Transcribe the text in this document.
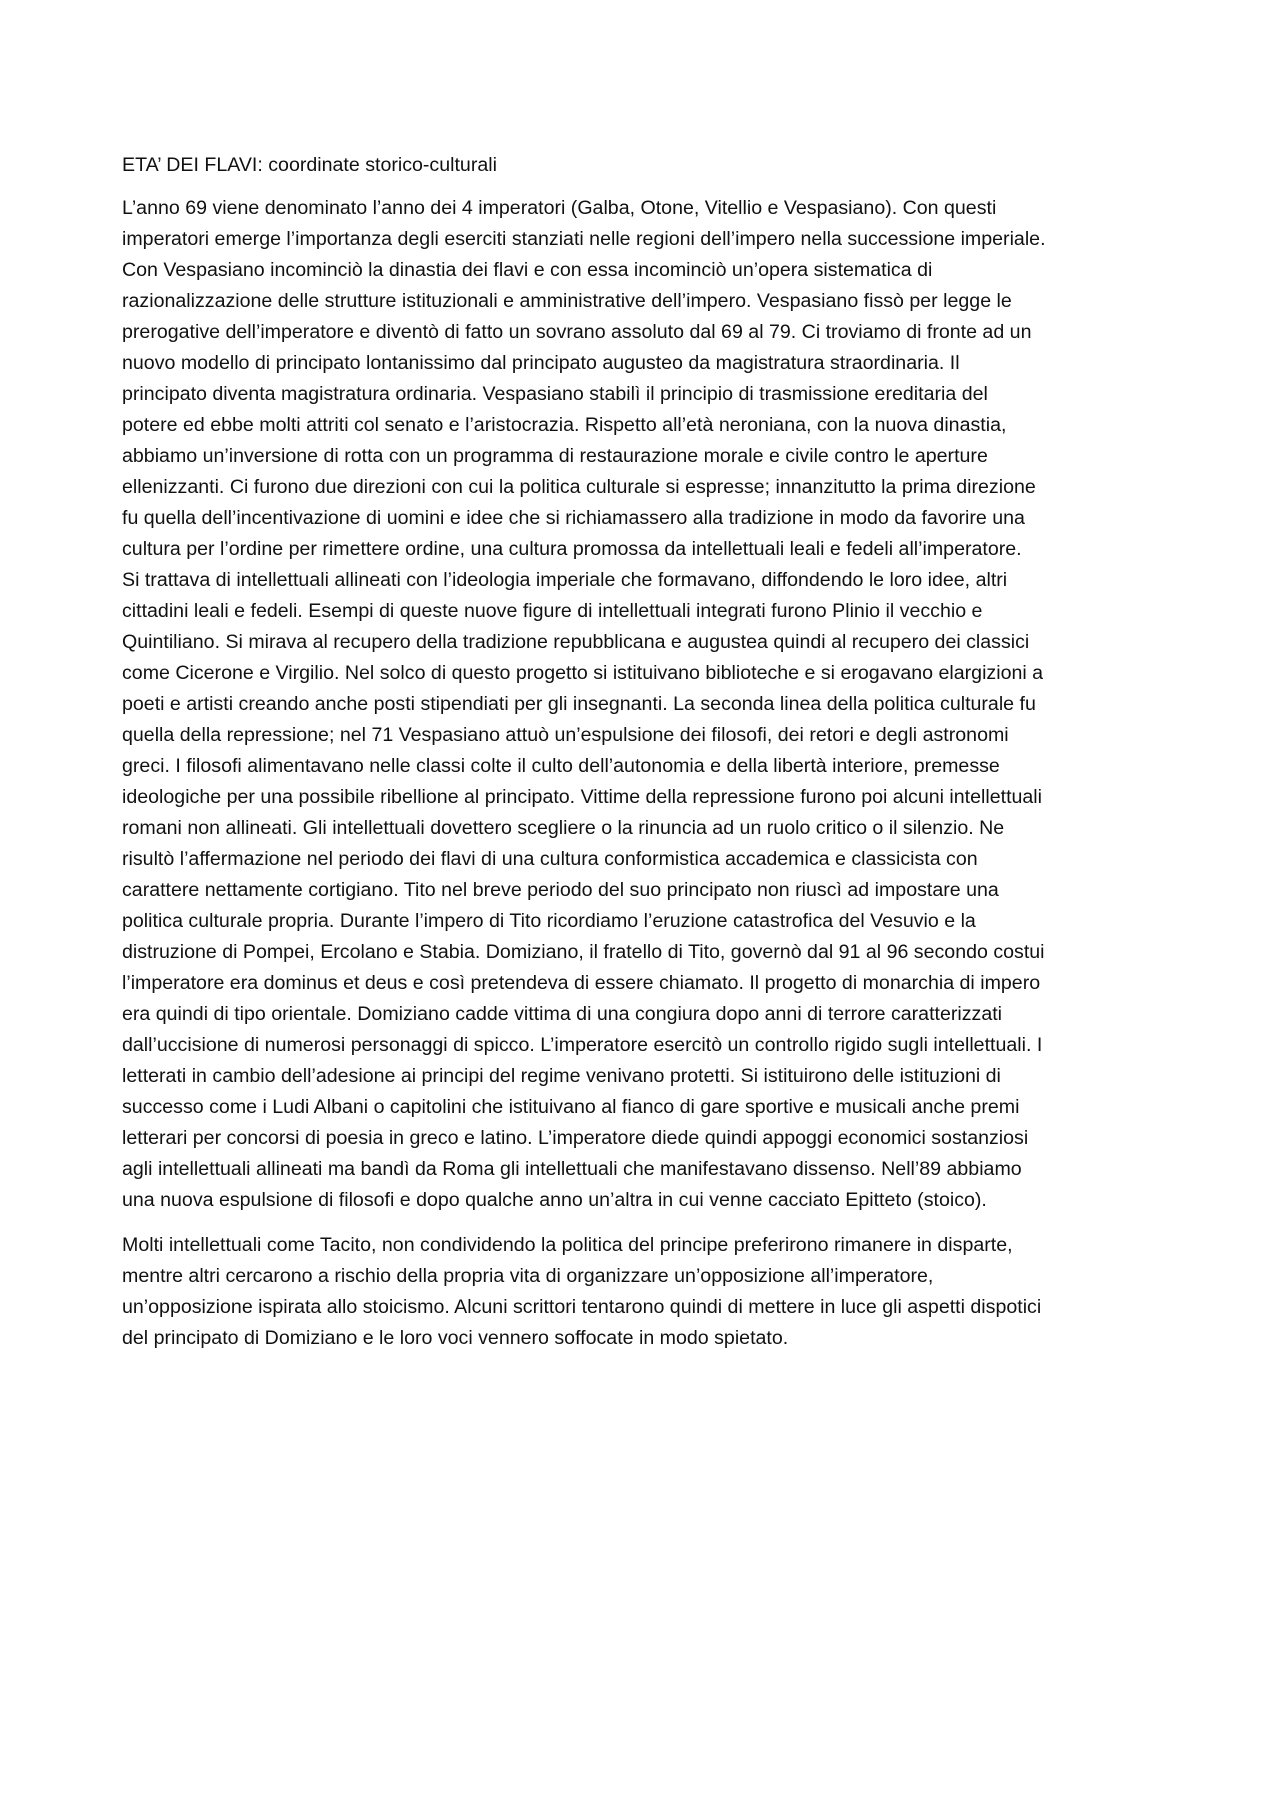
ETA’ DEI FLAVI: coordinate storico-culturali

L’anno 69 viene denominato l’anno dei 4 imperatori (Galba, Otone, Vitellio e Vespasiano). Con questi
imperatori emerge l’importanza degli eserciti stanziati nelle regioni dell’impero nella successione imperiale.
Con Vespasiano incominciò la dinastia dei flavi e con essa incominciò un’opera sistematica di
razionalizzazione delle strutture istituzionali e amministrative dell’impero. Vespasiano fissò per legge le
prerogative dell’imperatore e diventò di fatto un sovrano assoluto dal 69 al 79. Ci troviamo di fronte ad un
nuovo modello di principato lontanissimo dal principato augusteo da magistratura straordinaria. Il
principato diventa magistratura ordinaria. Vespasiano stabilì il principio di trasmissione ereditaria del
potere ed ebbe molti attriti col senato e l’aristocrazia. Rispetto all’età neroniana, con la nuova dinastia,
abbiamo un’inversione di rotta con un programma di restaurazione morale e civile contro le aperture
ellenizzanti. Ci furono due direzioni con cui la politica culturale si espresse; innanzitutto la prima direzione
fu quella dell’incentivazione di uomini e idee che si richiamassero alla tradizione in modo da favorire una
cultura per l’ordine per rimettere ordine, una cultura promossa da intellettuali leali e fedeli all’imperatore.
Si trattava di intellettuali allineati con l’ideologia imperiale che formavano, diffondendo le loro idee, altri
cittadini leali e fedeli. Esempi di queste nuove figure di intellettuali integrati furono Plinio il vecchio e
Quintiliano. Si mirava al recupero della tradizione repubblicana e augustea quindi al recupero dei classici
come Cicerone e Virgilio. Nel solco di questo progetto si istituivano biblioteche e si erogavano elargizioni a
poeti e artisti creando anche posti stipendiati per gli insegnanti. La seconda linea della politica culturale fu
quella della repressione; nel 71 Vespasiano attuò un’espulsione dei filosofi, dei retori e degli astronomi
greci. I filosofi alimentavano nelle classi colte il culto dell’autonomia e della libertà interiore, premesse
ideologiche per una possibile ribellione al principato. Vittime della repressione furono poi alcuni intellettuali
romani non allineati. Gli intellettuali dovettero scegliere o la rinuncia ad un ruolo critico o il silenzio. Ne
risultò l’affermazione nel periodo dei flavi di una cultura conformistica accademica e classicista con
carattere nettamente cortigiano. Tito nel breve periodo del suo principato non riuscì ad impostare una
politica culturale propria. Durante l’impero di Tito ricordiamo l’eruzione catastrofica del Vesuvio e la
distruzione di Pompei, Ercolano e Stabia. Domiziano, il fratello di Tito, governò dal 91 al 96 secondo costui
l’imperatore era dominus et deus e così pretendeva di essere chiamato. Il progetto di monarchia di impero
era quindi di tipo orientale. Domiziano cadde vittima di una congiura dopo anni di terrore caratterizzati
dall’uccisione di numerosi personaggi di spicco. L’imperatore esercitò un controllo rigido sugli intellettuali. I
letterati in cambio dell’adesione ai principi del regime venivano protetti. Si istituirono delle istituzioni di
successo come i Ludi Albani o capitolini che istituivano al fianco di gare sportive e musicali anche premi
letterari per concorsi di poesia in greco e latino. L’imperatore diede quindi appoggi economici sostanziosi
agli intellettuali allineati ma bandì da Roma gli intellettuali che manifestavano dissenso. Nell’89 abbiamo
una nuova espulsione di filosofi e dopo qualche anno un’altra in cui venne cacciato Epitteto (stoico).

Molti intellettuali come Tacito, non condividendo la politica del principe preferirono rimanere in disparte,
mentre altri cercarono a rischio della propria vita di organizzare un’opposizione all’imperatore,
un’opposizione ispirata allo stoicismo. Alcuni scrittori tentarono quindi di mettere in luce gli aspetti dispotici
del principato di Domiziano e le loro voci vennero soffocate in modo spietato.
